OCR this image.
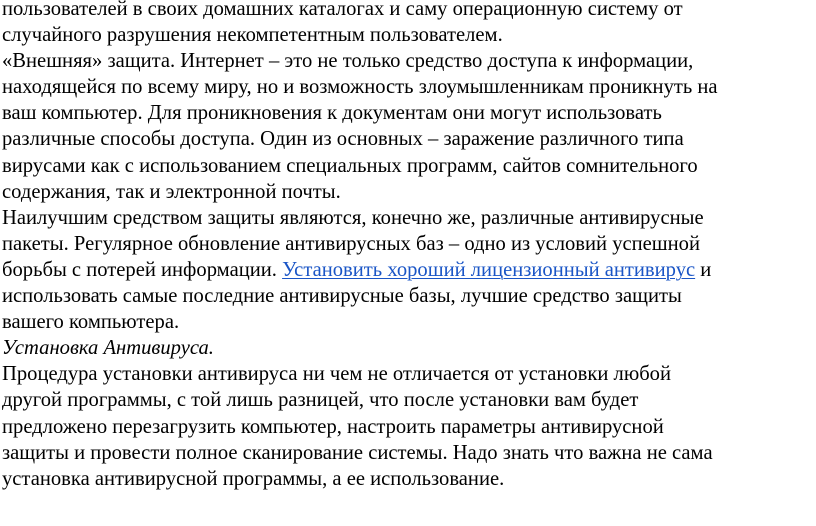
пользователей в своих домашних каталогах и саму операционную систему от
случайного разрушения некомпетентным пользователем.
«Внешняя» защита. Интернет – это не только средство доступа к информации,
находящейся по всему миру, но и возможность злоумышленникам проникнуть на
ваш компьютер. Для проникновения к документам они могут использовать
различные способы доступа. Один из основных – заражение различного типа
вирусами как с использованием специальных программ, сайтов сомнительного
содержания, так и электронной почты.
Наилучшим средством защиты являются, конечно же, различные антивирусные
пакеты. Регулярное обновление антивирусных баз – одно из условий успешной
борьбы с потерей информации. Установить хороший лицензионный антивирус и
использовать самые последние антивирусные базы, лучшие средство защиты
вашего компьютера.
Установка Антивируса.
Процедура установки антивируса ни чем не отличается от установки любой
другой программы, с той лишь разницей, что после установки вам будет
предложено перезагрузить компьютер, настроить параметры антивирусной
защиты и провести полное сканирование системы. Надо знать что важна не сама
установка антивирусной программы, а ее использование.
